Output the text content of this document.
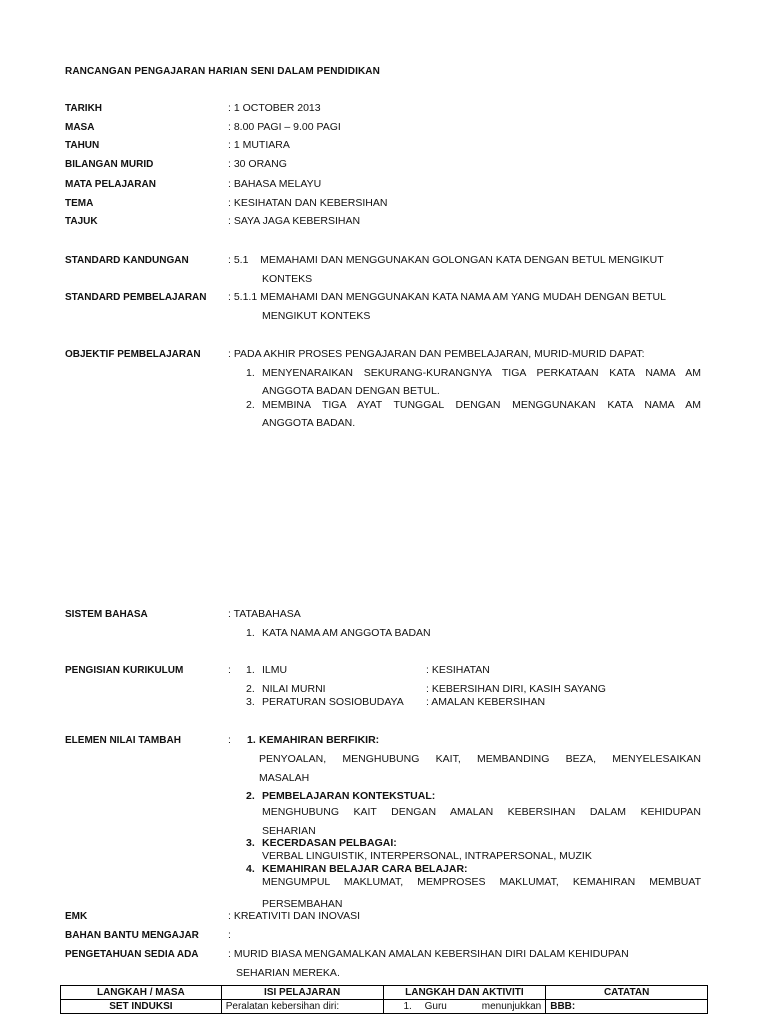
RANCANGAN PENGAJARAN HARIAN SENI DALAM PENDIDIKAN
TARIKH	: 1 OCTOBER 2013
MASA	: 8.00 PAGI – 9.00 PAGI
TAHUN	: 1 MUTIARA
BILANGAN MURID	: 30 ORANG
MATA PELAJARAN	: BAHASA MELAYU
TEMA	: KESIHATAN DAN KEBERSIHAN
TAJUK	: SAYA JAGA KEBERSIHAN
STANDARD KANDUNGAN	: 5.1    MEMAHAMI DAN MENGGUNAKAN GOLONGAN KATA DENGAN BETUL MENGIKUT
KONTEKS
STANDARD PEMBELAJARAN : 5.1.1 MEMAHAMI DAN MENGGUNAKAN KATA NAMA AM YANG MUDAH DENGAN BETUL
MENGIKUT KONTEKS
OBJEKTIF PEMBELAJARAN	: PADA AKHIR PROSES PENGAJARAN DAN PEMBELAJARAN, MURID-MURID DAPAT:
1. MENYENARAIKAN SEKURANG-KURANGNYA TIGA PERKATAAN KATA NAMA AM
ANGGOTA BADAN DENGAN BETUL.
2. MEMBINA TIGA AYAT TUNGGAL DENGAN MENGGUNAKAN KATA NAMA AM
ANGGOTA BADAN.
SISTEM BAHASA	: TATABAHASA
1. KATA NAMA AM ANGGOTA BADAN
PENGISIAN KURIKULUM	: 1. ILMU	: KESIHATAN
2. NILAI MURNI	: KEBERSIHAN DIRI, KASIH SAYANG
3. PERATURAN SOSIOBUDAYA : AMALAN KEBERSIHAN
ELEMEN NILAI TAMBAH	: 1. KEMAHIRAN BERFIKIR:
PENYOALAN, MENGHUBUNG KAIT, MEMBANDING BEZA, MENYELESAIKAN
MASALAH
2. PEMBELAJARAN KONTEKSTUAL:
MENGHUBUNG KAIT DENGAN AMALAN KEBERSIHAN DALAM KEHIDUPAN
SEHARIAN
3. KECERDASAN PELBAGAI:
VERBAL LINGUISTIK, INTERPERSONAL, INTRAPERSONAL, MUZIK
4. KEMAHIRAN BELAJAR CARA BELAJAR:
MENGUMPUL MAKLUMAT, MEMPROSES MAKLUMAT, KEMAHIRAN MEMBUAT
PERSEMBAHAN
EMK	: KREATIVITI DAN INOVASI
BAHAN BANTU MENGAJAR	:
PENGETAHUAN SEDIA ADA	: MURID BIASA MENGAMALKAN AMALAN KEBERSIHAN DIRI DALAM KEHIDUPAN
SEHARIAN MEREKA.
LANGKAH / MASA	ISI PELAJARAN	LANGKAH DAN AKTIVITI	CATATAN
SET INDUKSI	Peralatan kebersihan diri:	1. Guru menunjukkan	BBB:
